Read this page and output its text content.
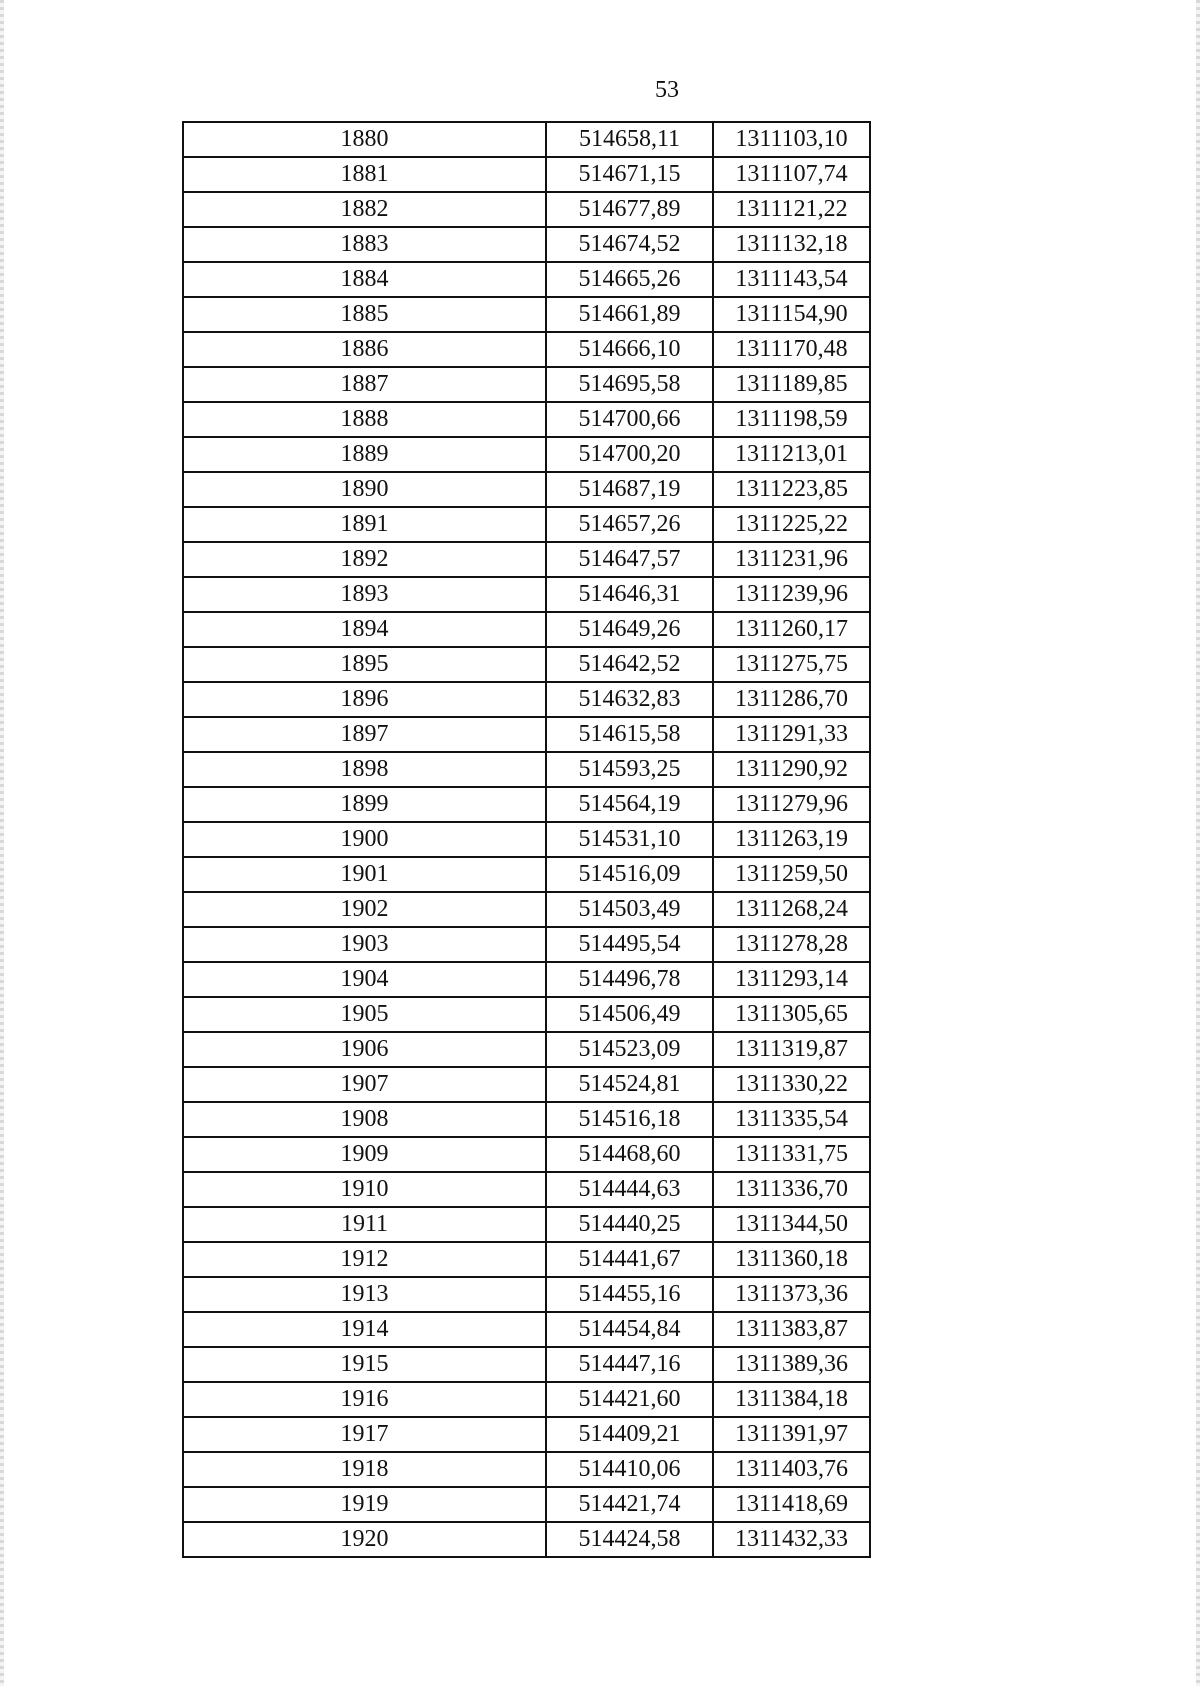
53
1880	514658,11	1311103,10
1881	514671,15	1311107,74
1882	514677,89	1311121,22
1883	514674,52	1311132,18
1884	514665,26	1311143,54
1885	514661,89	1311154,90
1886	514666,10	1311170,48
1887	514695,58	1311189,85
1888	514700,66	1311198,59
1889	514700,20	1311213,01
1890	514687,19	1311223,85
1891	514657,26	1311225,22
1892	514647,57	1311231,96
1893	514646,31	1311239,96
1894	514649,26	1311260,17
1895	514642,52	1311275,75
1896	514632,83	1311286,70
1897	514615,58	1311291,33
1898	514593,25	1311290,92
1899	514564,19	1311279,96
1900	514531,10	1311263,19
1901	514516,09	1311259,50
1902	514503,49	1311268,24
1903	514495,54	1311278,28
1904	514496,78	1311293,14
1905	514506,49	1311305,65
1906	514523,09	1311319,87
1907	514524,81	1311330,22
1908	514516,18	1311335,54
1909	514468,60	1311331,75
1910	514444,63	1311336,70
1911	514440,25	1311344,50
1912	514441,67	1311360,18
1913	514455,16	1311373,36
1914	514454,84	1311383,87
1915	514447,16	1311389,36
1916	514421,60	1311384,18
1917	514409,21	1311391,97
1918	514410,06	1311403,76
1919	514421,74	1311418,69
1920	514424,58	1311432,33
